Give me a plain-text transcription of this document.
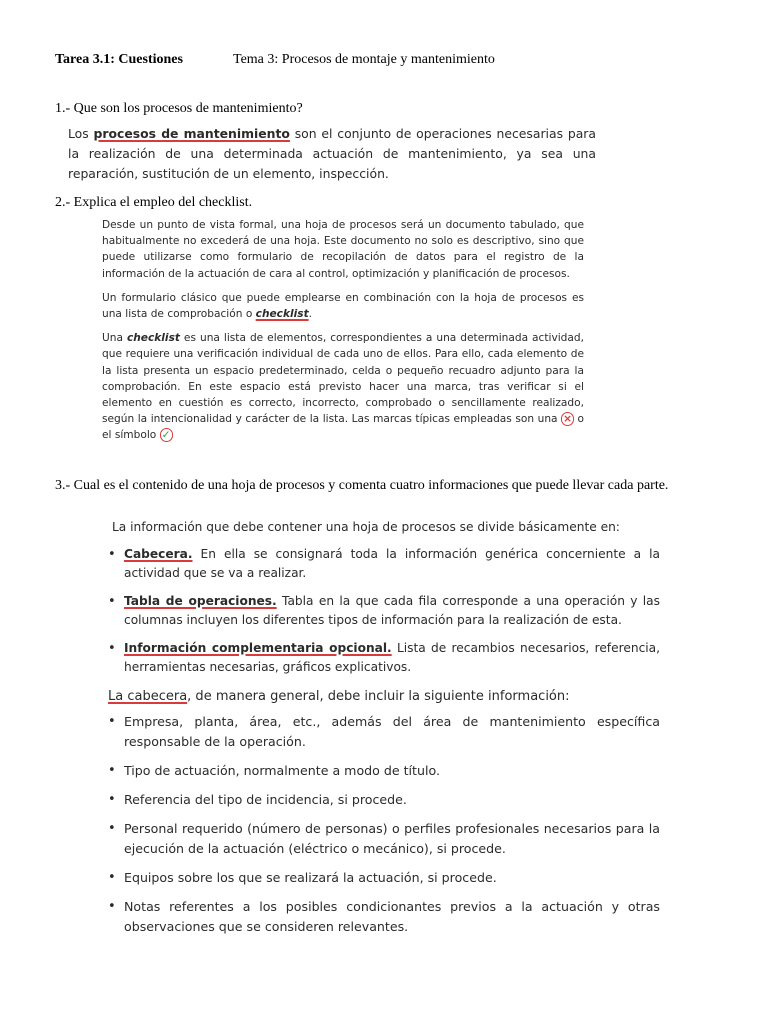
Tarea 3.1: Cuestiones	Tema 3: Procesos de montaje y mantenimiento
1.- Que son los procesos de mantenimiento?

Los procesos de mantenimiento son el conjunto de operaciones necesarias para la realización de una determinada actuación de mantenimiento, ya sea una reparación, sustitución de un elemento, inspección.

2.- Explica el empleo del checklist.

Desde un punto de vista formal, una hoja de procesos será un documento tabulado, que habitualmente no excederá de una hoja. Este documento no solo es descriptivo, sino que puede utilizarse como formulario de recopilación de datos para el registro de la información de la actuación de cara al control, optimización y planificación de procesos.

Un formulario clásico que puede emplearse en combinación con la hoja de procesos es una lista de comprobación o checklist.

Una checklist es una lista de elementos, correspondientes a una determinada actividad, que requiere una verificación individual de cada uno de ellos. Para ello, cada elemento de la lista presenta un espacio predeterminado, celda o pequeño recuadro adjunto para la comprobación. En este espacio está previsto hacer una marca, tras verificar si el elemento en cuestión es correcto, incorrecto, comprobado o sencillamente realizado, según la intencionalidad y carácter de la lista. Las marcas típicas empleadas son una × o el símbolo ✓

3.- Cual es el contenido de una hoja de procesos y comenta cuatro informaciones que puede llevar cada parte.

La información que debe contener una hoja de procesos se divide básicamente en:

• Cabecera. En ella se consignará toda la información genérica concerniente a la actividad que se va a realizar.
• Tabla de operaciones. Tabla en la que cada fila corresponde a una operación y las columnas incluyen los diferentes tipos de información para la realización de esta.
• Información complementaria opcional. Lista de recambios necesarios, referencia, herramientas necesarias, gráficos explicativos.

La cabecera, de manera general, debe incluir la siguiente información:

• Empresa, planta, área, etc., además del área de mantenimiento específica responsable de la operación.
• Tipo de actuación, normalmente a modo de título.
• Referencia del tipo de incidencia, si procede.
• Personal requerido (número de personas) o perfiles profesionales necesarios para la ejecución de la actuación (eléctrico o mecánico), si procede.
• Equipos sobre los que se realizará la actuación, si procede.
• Notas referentes a los posibles condicionantes previos a la actuación y otras observaciones que se consideren relevantes.
